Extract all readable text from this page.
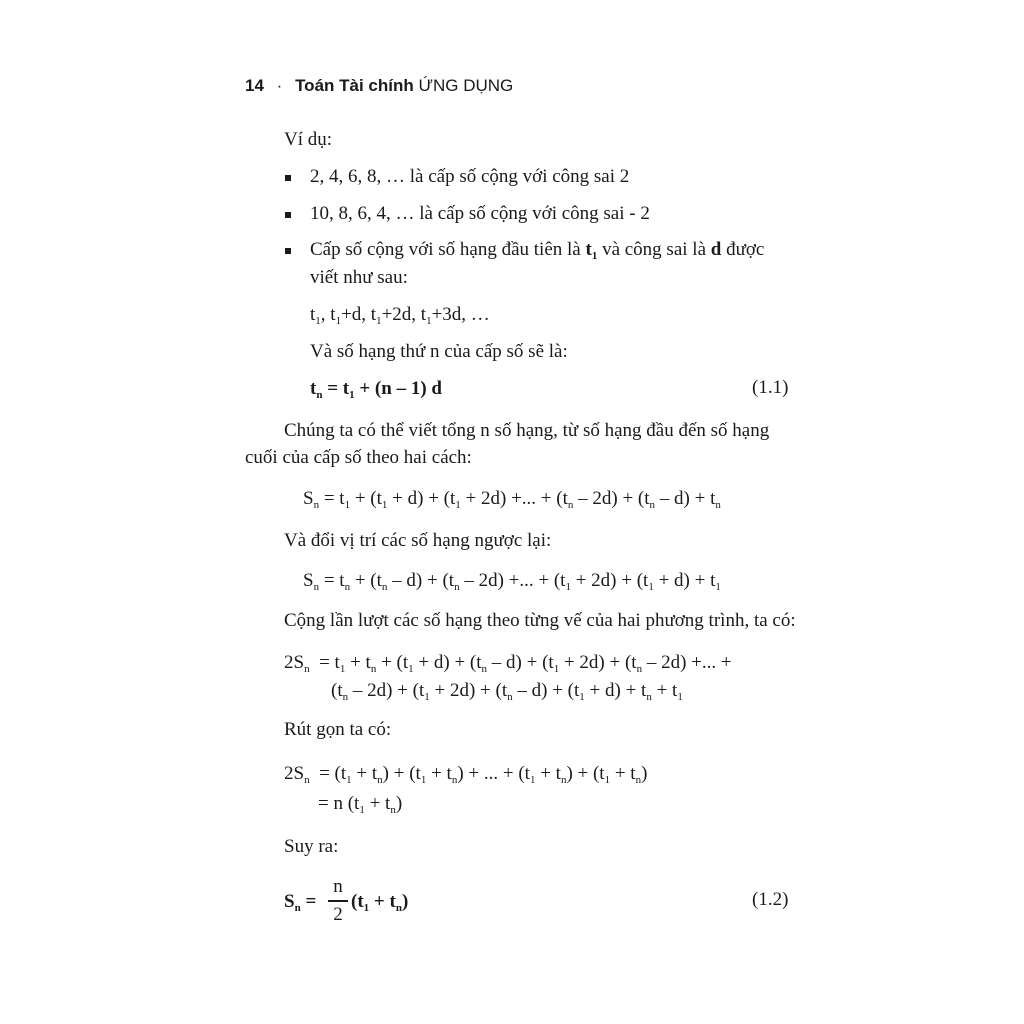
14 · Toán Tài chính ỨNG DỤNG
Ví dụ:
2, 4, 6, 8, … là cấp số cộng với công sai 2
10, 8, 6, 4, … là cấp số cộng với công sai - 2
Cấp số cộng với số hạng đầu tiên là $t_1$ và công sai là d được
viết như sau:
$t_1$, $t_1+d$, $t_1+2d$, $t_1+3d$, …
Và số hạng thứ n của cấp số sẽ là:
$t_n = t_1 + (n - 1)$ d	(1.1)
Chúng ta có thể viết tổng n số hạng, từ số hạng đầu đến số hạng
cuối của cấp số theo hai cách:
$S_n = t_1 + (t_1 + d) + (t_1 + 2d)$ +... + $(t_n - 2d) + (t_n - d) + t_n$
Và đổi vị trí các số hạng ngược lại:
$S_n = t_n + (t_n - d) + (t_n - 2d)$ +... + $(t_1 + 2d) + (t_1 + d) + t_1$
Cộng lần lượt các số hạng theo từng vế của hai phương trình, ta có:
$2S_n = t_1 + t_n + (t_1 + d) + (t_n - d) + (t_1 + 2d) + (t_n - 2d)$ +... +
$(t_n - 2d) + (t_1 + 2d) + (t_n - d) + (t_1 + d) + t_n + t_1$
Rút gọn ta có:
$2S_n = (t_1 + t_n) + (t_1 + t_n)$ + ... + $(t_1 + t_n) + (t_1 + t_n)$
= n $(t_1 + t_n)$
Suy ra:
$S_n$ =
n
2
$(t_1 + t_n)$	(1.2)
